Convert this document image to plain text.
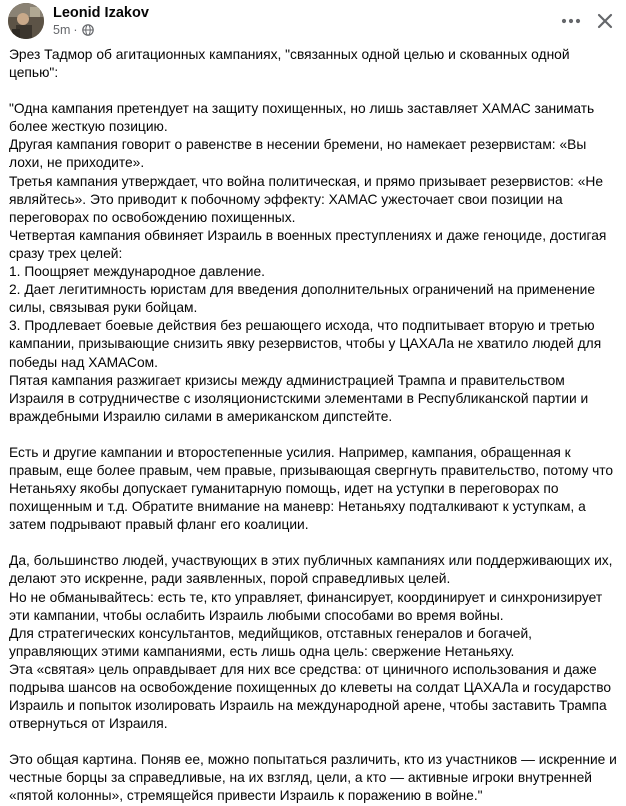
Leonid Izakov
5m ·

Эрез Тадмор об агитационных кампаниях, "связанных одной целью и скованных одной цепью":

"Одна кампания претендует на защиту похищенных, но лишь заставляет ХАМАС занимать более жесткую позицию.
Другая кампания говорит о равенстве в несении бремени, но намекает резервистам: «Вы лохи, не приходите».
Третья кампания утверждает, что война политическая, и прямо призывает резервистов: «Не являйтесь». Это приводит к побочному эффекту: ХАМАС ужесточает свои позиции на переговорах по освобождению похищенных.
Четвертая кампания обвиняет Израиль в военных преступлениях и даже геноциде, достигая сразу трех целей:
1. Поощряет международное давление.
2. Дает легитимность юристам для введения дополнительных ограничений на применение силы, связывая руки бойцам.
3. Продлевает боевые действия без решающего исхода, что подпитывает вторую и третью кампании, призывающие снизить явку резервистов, чтобы у ЦАХАЛа не хватило людей для победы над ХАМАСом.
Пятая кампания разжигает кризисы между администрацией Трампа и правительством Израиля в сотрудничестве с изоляционистскими элементами в Республиканской партии и враждебными Израилю силами в американском дипстейте.

Есть и другие кампании и второстепенные усилия. Например, кампания, обращенная к правым, еще более правым, чем правые, призывающая свергнуть правительство, потому что Нетаньяху якобы допускает гуманитарную помощь, идет на уступки в переговорах по похищенным и т.д. Обратите внимание на маневр: Нетаньяху подталкивают к уступкам, а затем подрывают правый фланг его коалиции.

Да, большинство людей, участвующих в этих публичных кампаниях или поддерживающих их, делают это искренне, ради заявленных, порой справедливых целей.
Но не обманывайтесь: есть те, кто управляет, финансирует, координирует и синхронизирует эти кампании, чтобы ослабить Израиль любыми способами во время войны.
Для стратегических консультантов, медийщиков, отставных генералов и богачей, управляющих этими кампаниями, есть лишь одна цель: свержение Нетаньяху.
Эта «святая» цель оправдывает для них все средства: от циничного использования и даже подрыва шансов на освобождение похищенных до клеветы на солдат ЦАХАЛа и государство Израиль и попыток изолировать Израиль на международной арене, чтобы заставить Трампа отвернуться от Израиля.

Это общая картина. Поняв ее, можно попытаться различить, кто из участников — искренние и честные борцы за справедливые, на их взгляд, цели, а кто — активные игроки внутренней «пятой колонны», стремящейся привести Израиль к поражению в войне."
